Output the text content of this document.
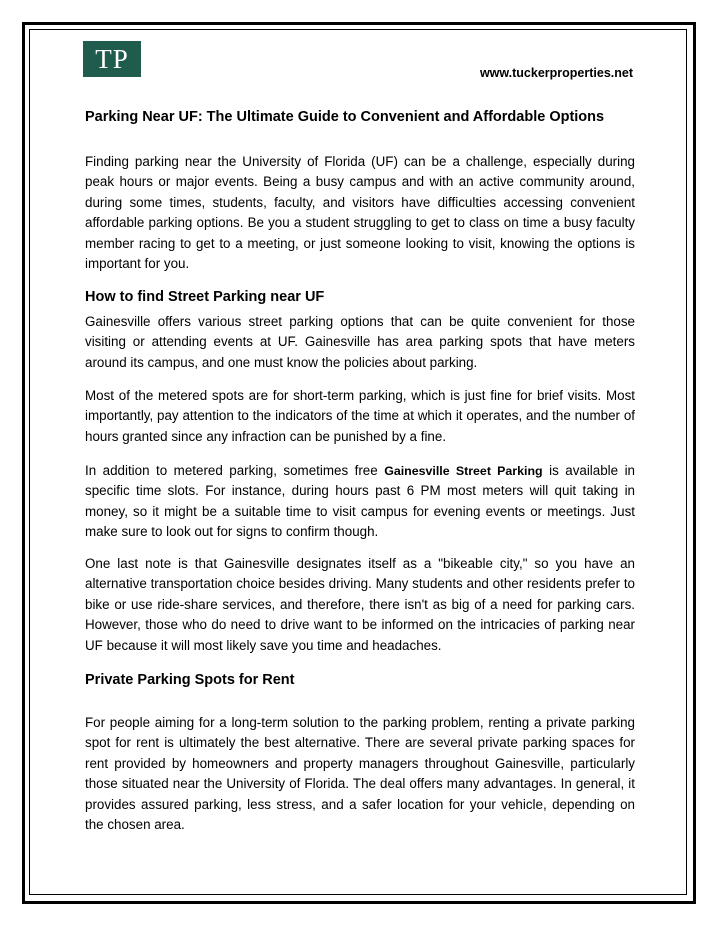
TP	www.tuckerproperties.net
Parking Near UF: The Ultimate Guide to Convenient and Affordable Options

Finding parking near the University of Florida (UF) can be a challenge, especially during peak hours or major events. Being a busy campus and with an active community around, during some times, students, faculty, and visitors have difficulties accessing convenient affordable parking options. Be you a student struggling to get to class on time a busy faculty member racing to get to a meeting, or just someone looking to visit, knowing the options is important for you.

How to find Street Parking near UF

Gainesville offers various street parking options that can be quite convenient for those visiting or attending events at UF. Gainesville has area parking spots that have meters around its campus, and one must know the policies about parking.

Most of the metered spots are for short-term parking, which is just fine for brief visits. Most importantly, pay attention to the indicators of the time at which it operates, and the number of hours granted since any infraction can be punished by a fine.

In addition to metered parking, sometimes free Gainesville Street Parking is available in specific time slots. For instance, during hours past 6 PM most meters will quit taking in money, so it might be a suitable time to visit campus for evening events or meetings. Just make sure to look out for signs to confirm though.

One last note is that Gainesville designates itself as a "bikeable city," so you have an alternative transportation choice besides driving. Many students and other residents prefer to bike or use ride-share services, and therefore, there isn't as big of a need for parking cars. However, those who do need to drive want to be informed on the intricacies of parking near UF because it will most likely save you time and headaches.

Private Parking Spots for Rent

For people aiming for a long-term solution to the parking problem, renting a private parking spot for rent is ultimately the best alternative. There are several private parking spaces for rent provided by homeowners and property managers throughout Gainesville, particularly those situated near the University of Florida. The deal offers many advantages. In general, it provides assured parking, less stress, and a safer location for your vehicle, depending on the chosen area.
